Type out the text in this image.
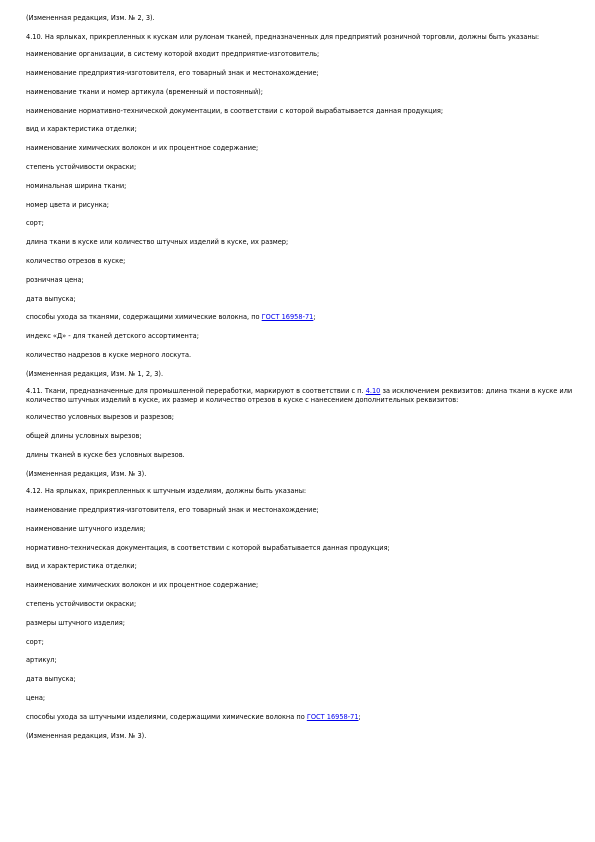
(Измененная редакция, Изм. № 2, 3).

4.10. На ярлыках, прикрепленных к кускам или рулонам тканей, предназначенных для предприятий розничной торговли, должны быть указаны:

наименование организации, в систему которой входит предприятие-изготовитель;

наименование предприятия-изготовителя, его товарный знак и местонахождение;

наименование ткани и номер артикула (временный и постоянный);

наименование нормативно-технической документации, в соответствии с которой вырабатывается данная продукция;

вид и характеристика отделки;

наименование химических волокон и их процентное содержание;

степень устойчивости окраски;

номинальная ширина ткани;

номер цвета и рисунка;

сорт;

длина ткани в куске или количество штучных изделий в куске, их размер;

количество отрезов в куске;

розничная цена;

дата выпуска;

способы ухода за тканями, содержащими химические волокна, по ГОСТ 16958-71;

индекс «Д» - для тканей детского ассортимента;

количество надрезов в куске мерного лоскута.

(Измененная редакция, Изм. № 1, 2, 3).

4.11. Ткани, предназначенные для промышленной переработки, маркируют в соответствии с п. 4.10 за исключением реквизитов: длина ткани в куске или количество штучных изделий в куске, их размер и количество отрезов в куске с нанесением дополнительных реквизитов:

количество условных вырезов и разрезов;

общей длины условных вырезов;

длины тканей в куске без условных вырезов.

(Измененная редакция, Изм. № 3).

4.12. На ярлыках, прикрепленных к штучным изделиям, должны быть указаны:

наименование предприятия-изготовителя, его товарный знак и местонахождение;

наименование штучного изделия;

нормативно-техническая документация, в соответствии с которой вырабатывается данная продукция;

вид и характеристика отделки;

наименование химических волокон и их процентное содержание;

степень устойчивости окраски;

размеры штучного изделия;

сорт;

артикул;

дата выпуска;

цена;

способы ухода за штучными изделиями, содержащими химические волокна по ГОСТ 16958-71;

(Измененная редакция, Изм. № 3).
